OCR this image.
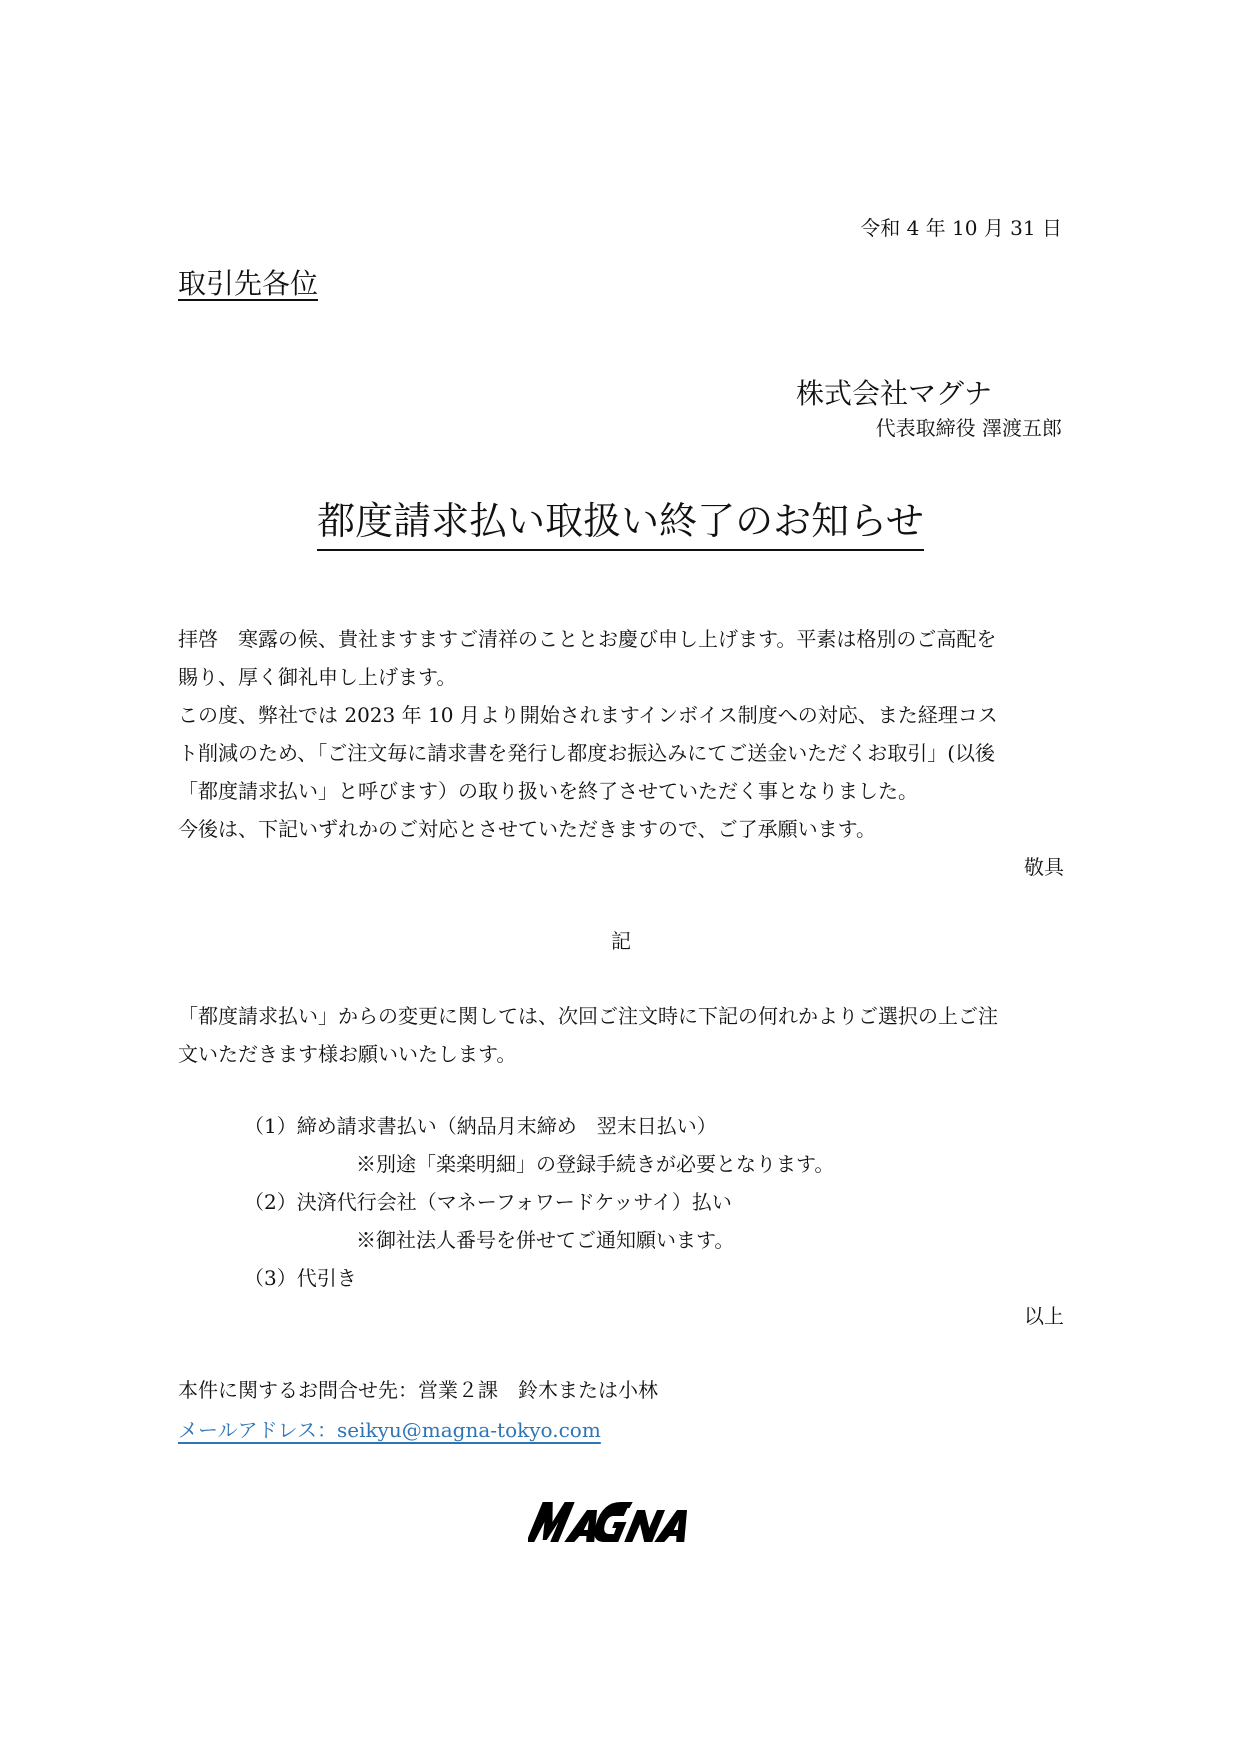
令和 4 年 10 月 31 日
取引先各位
株式会社マグナ
代表取締役 澤渡五郎
都度請求払い取扱い終了のお知らせ
拝啓　寒露の候、貴社ますますご清祥のこととお慶び申し上げます。平素は格別のご高配を
賜り、厚く御礼申し上げます。
この度、弊社では 2023 年 10 月より開始されますインボイス制度への対応、また経理コス
ト削減のため、「ご注文毎に請求書を発行し都度お振込みにてご送金いただくお取引」(以後
「都度請求払い」と呼びます）の取り扱いを終了させていただく事となりました。
今後は、下記いずれかのご対応とさせていただきますので、ご了承願います。
敬具
記
「都度請求払い」からの変更に関しては、次回ご注文時に下記の何れかよりご選択の上ご注
文いただきます様お願いいたします。
（1）締め請求書払い（納品月末締め　翌末日払い）
※別途「楽楽明細」の登録手続きが必要となります。
（2）決済代行会社（マネーフォワードケッサイ）払い
※御社法人番号を併せてご通知願います。
（3）代引き
以上
本件に関するお問合せ先：営業２課　鈴木または小林
メールアドレス：seikyu@magna-tokyo.com
